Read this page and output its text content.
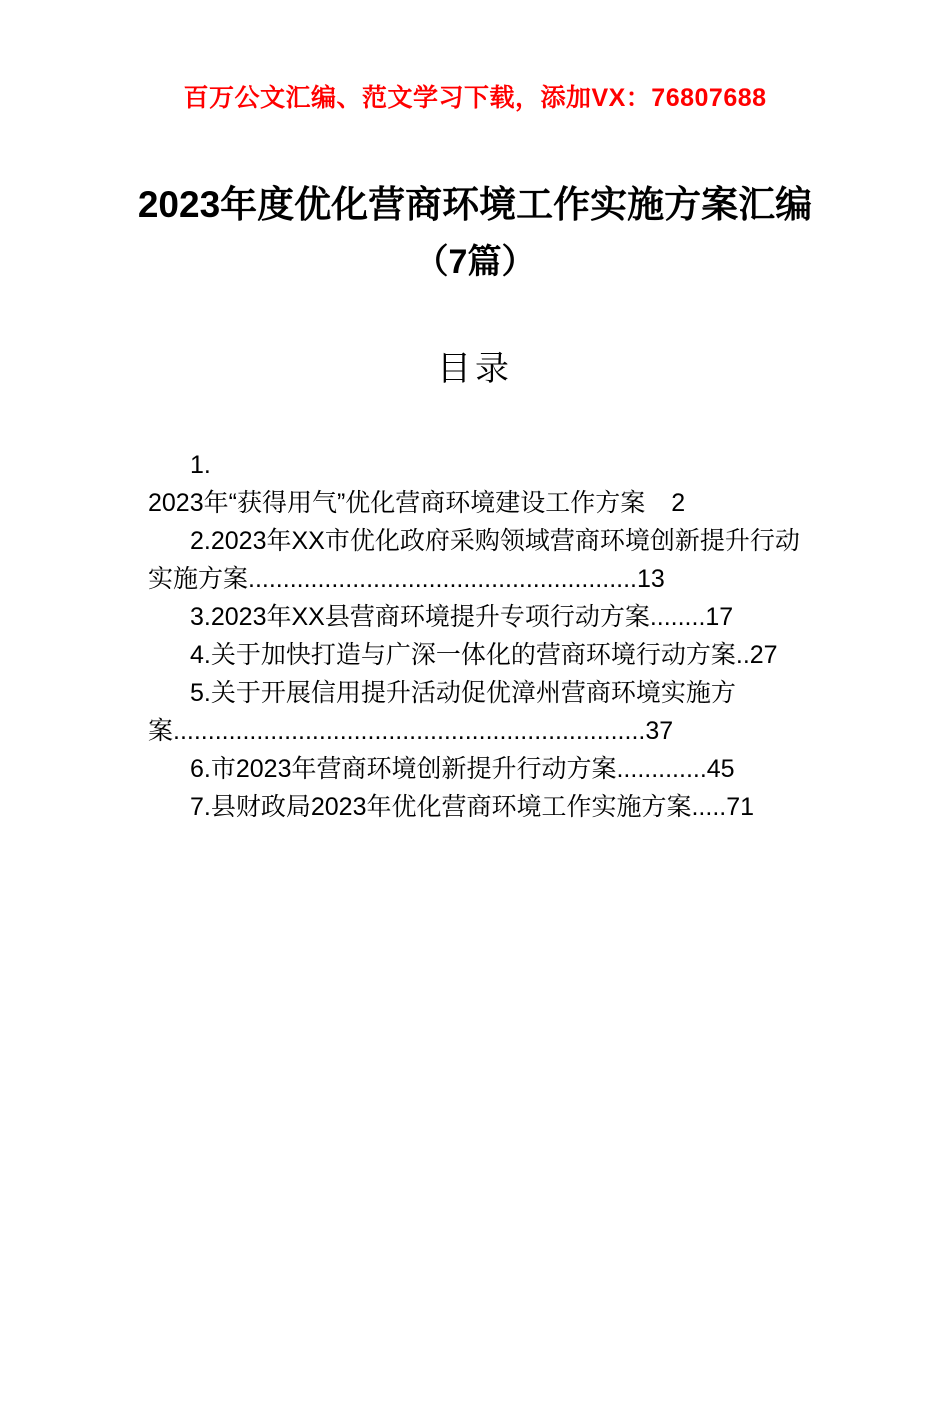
百万公文汇编、范文学习下载，添加VX：76807688
2023年度优化营商环境工作实施方案汇编
（7篇）
目录
1.
2023年“获得用气”优化营商环境建设工作方案 2
2.2023年XX市优化政府采购领域营商环境创新提升行动实施方案........................................................13
3.2023年XX县营商环境提升专项行动方案........17
4.关于加快打造与广深一体化的营商环境行动方案..27
5.关于开展信用提升活动促优漳州营商环境实施方案....................................................................37
6.市2023年营商环境创新提升行动方案.............45
7.县财政局2023年优化营商环境工作实施方案.....71
